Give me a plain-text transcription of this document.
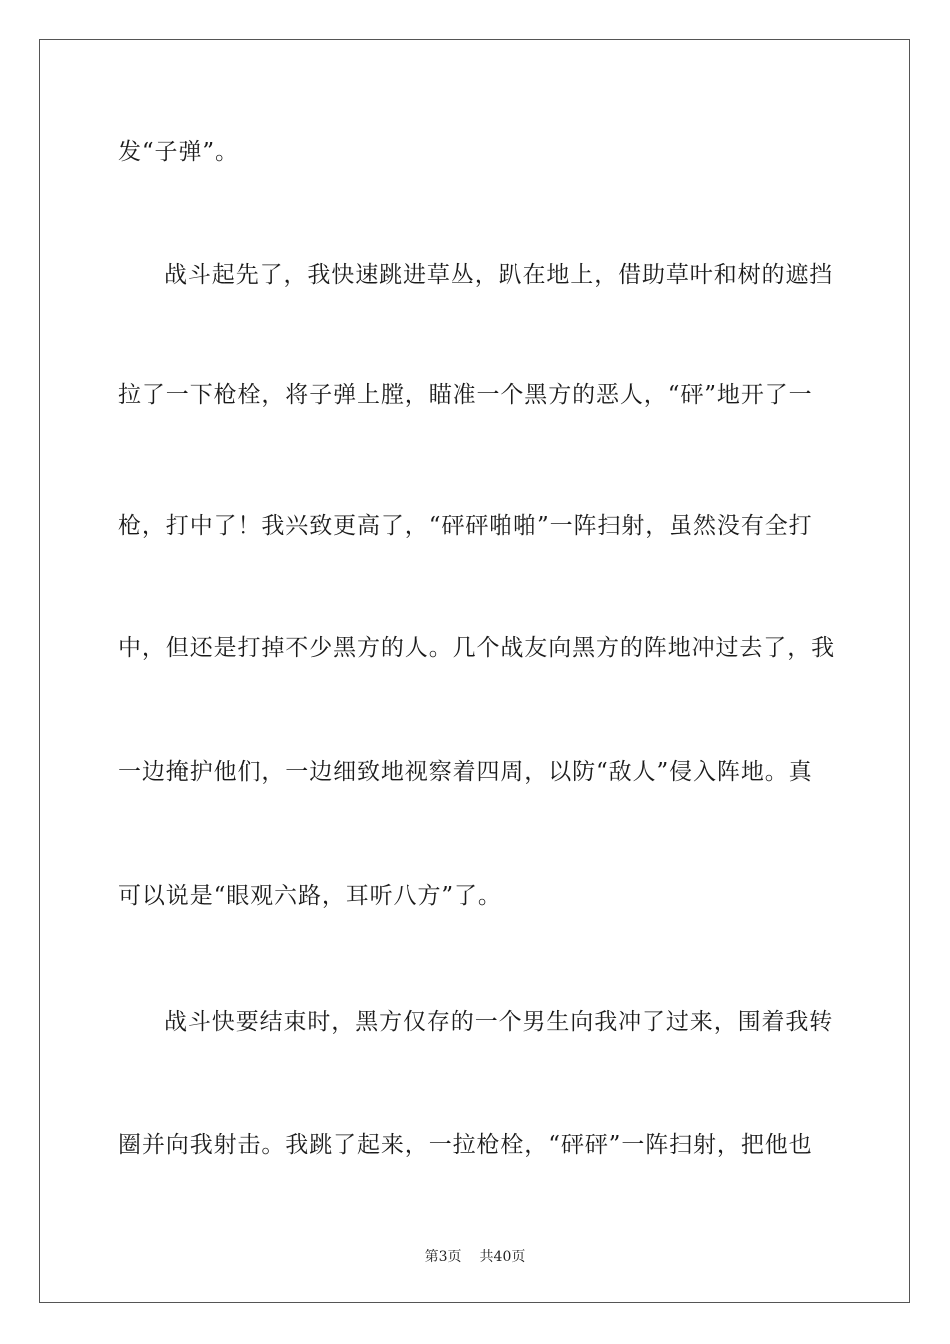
发“子弹”。
战斗起先了，我快速跳进草丛，趴在地上，借助草叶和树的遮挡
拉了一下枪栓，将子弹上膛，瞄准一个黑方的恶人，“砰”地开了一
枪，打中了！我兴致更高了，“砰砰啪啪”一阵扫射，虽然没有全打
中，但还是打掉不少黑方的人。几个战友向黑方的阵地冲过去了，我
一边掩护他们，一边细致地视察着四周，以防“敌人”侵入阵地。真
可以说是“眼观六路，耳听八方”了。
战斗快要结束时，黑方仅存的一个男生向我冲了过来，围着我转
圈并向我射击。我跳了起来，一拉枪栓，“砰砰”一阵扫射，把他也
第3页 共40页
